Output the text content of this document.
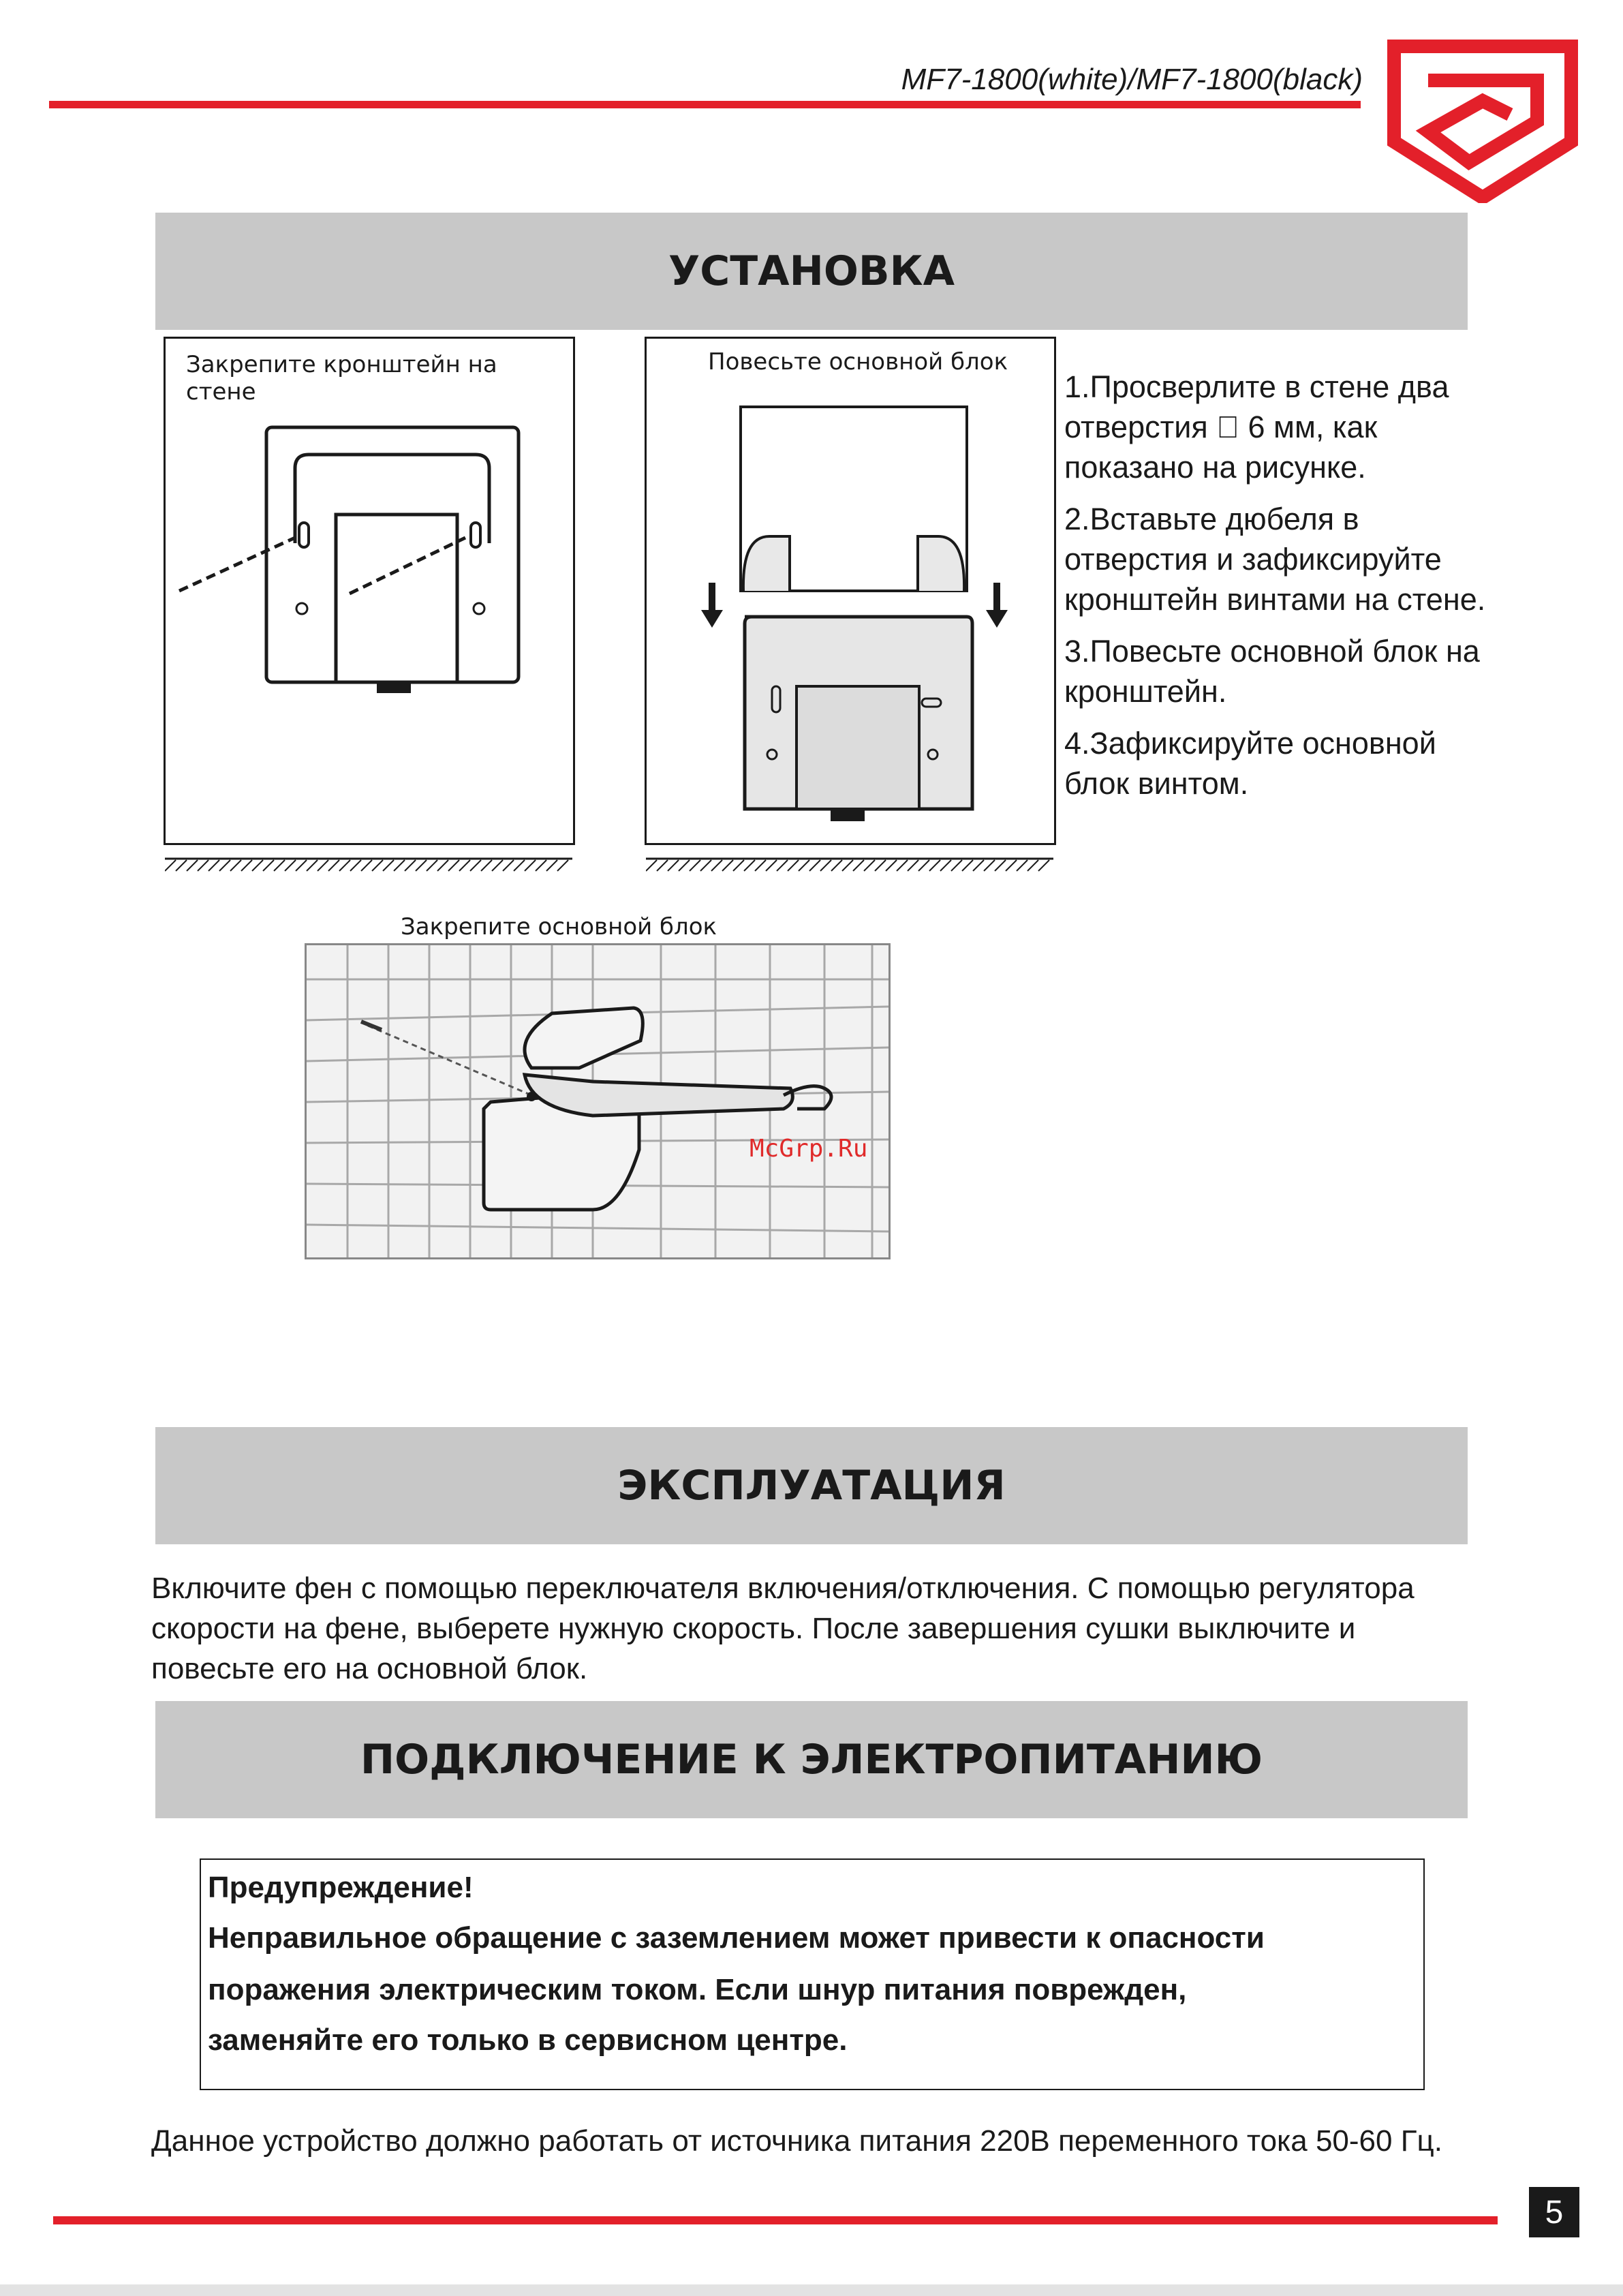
MF7-1800(white)/MF7-1800(black)
УСТАНОВКА
Закрепите кронштейн на стене
Повесьте основной блок

1.Просверлите в стене два отверстия ⃠ 6 мм, как показано на рисунке.

2.Вставьте дюбеля в отверстия и зафиксируйте кронштейн винтами на стене.

3.Повесьте основной блок на кронштейн.

4.Зафиксируйте основной блок винтом.

Закрепите основной блок
McGrp.Ru
ЭКСПЛУАТАЦИЯ
Включите фен с помощью переключателя включения/отключения. С помощью регулятора скорости на фене, выберете нужную скорость. После завершения сушки выключите и повесьте его на основной блок.
ПОДКЛЮЧЕНИЕ К ЭЛЕКТРОПИТАНИЮ
Предупреждение!
Неправильное обращение с заземлением может привести к опасности
поражения электрическим током. Если шнур питания поврежден,
заменяйте его только в сервисном центре.
Данное устройство должно работать от источника питания 220В переменного тока 50-60 Гц.
5
